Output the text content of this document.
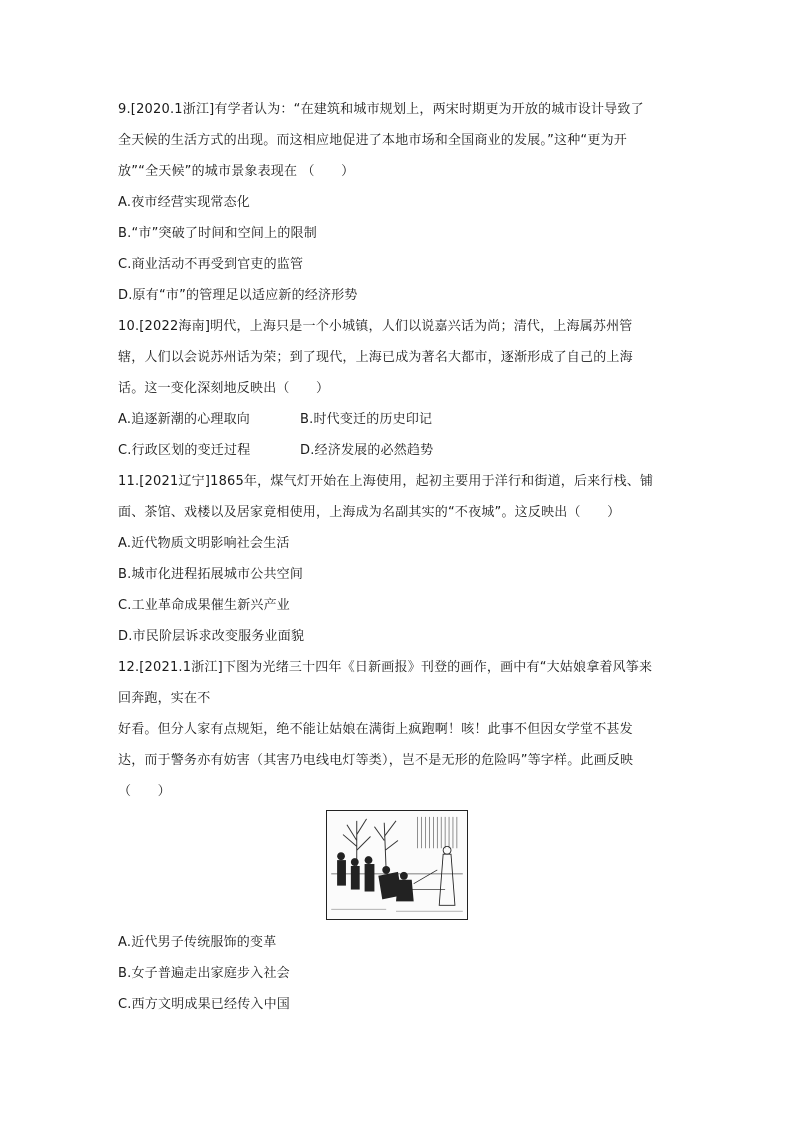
9.[2020.1浙江]有学者认为：“在建筑和城市规划上，两宋时期更为开放的城市设计导致了
全天候的生活方式的出现。而这相应地促进了本地市场和全国商业的发展。”这种“更为开
放”“全天候”的城市景象表现在 （　　）
A.夜市经营实现常态化
B.“市”突破了时间和空间上的限制
C.商业活动不再受到官吏的监管
D.原有“市”的管理足以适应新的经济形势
10.[2022海南]明代，上海只是一个小城镇，人们以说嘉兴话为尚；清代，上海属苏州管
辖，人们以会说苏州话为荣；到了现代，上海已成为著名大都市，逐渐形成了自己的上海
话。这一变化深刻地反映出（　　）
A.追逐新潮的心理取向	B.时代变迁的历史印记
C.行政区划的变迁过程	D.经济发展的必然趋势
11.[2021辽宁]1865年，煤气灯开始在上海使用，起初主要用于洋行和街道，后来行栈、铺
面、茶馆、戏楼以及居家竟相使用，上海成为名副其实的“不夜城”。这反映出（　　）
A.近代物质文明影响社会生活
B.城市化进程拓展城市公共空间
C.工业革命成果催生新兴产业
D.市民阶层诉求改变服务业面貌
12.[2021.1浙江]下图为光绪三十四年《日新画报》刊登的画作，画中有“大姑娘拿着风筝来
回奔跑，实在不
好看。但分人家有点规矩，绝不能让姑娘在满街上疯跑啊！咳！此事不但因女学堂不甚发
达，而于警务亦有妨害（其害乃电线电灯等类），岂不是无形的危险吗”等字样。此画反映
（　　）
A.近代男子传统服饰的变革
B.女子普遍走出家庭步入社会
C.西方文明成果已经传入中国
